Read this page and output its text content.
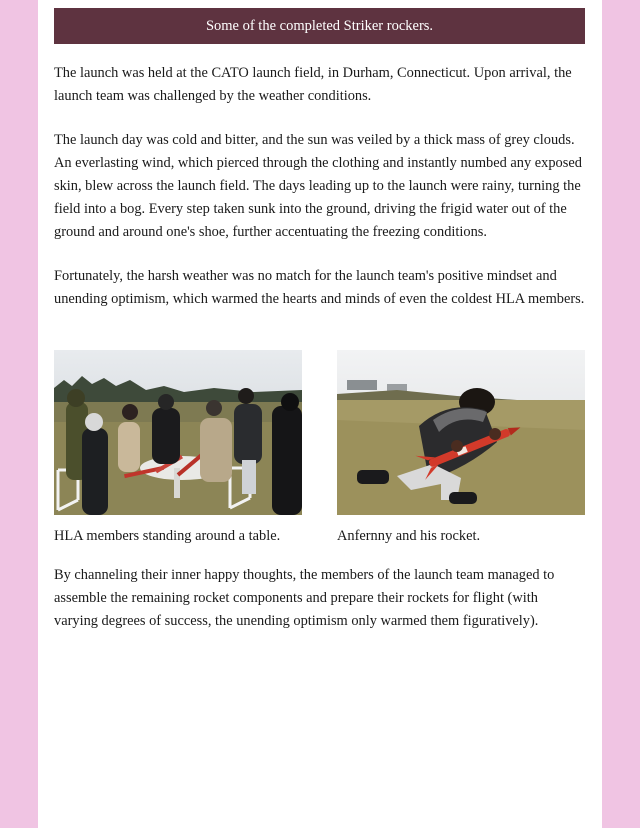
Some of the completed Striker rockers.

The launch was held at the CATO launch field, in Durham, Connecticut. Upon arrival, the launch team was challenged by the weather conditions.

The launch day was cold and bitter, and the sun was veiled by a thick mass of grey clouds. An everlasting wind, which pierced through the clothing and instantly numbed any exposed skin, blew across the launch field. The days leading up to the launch were rainy, turning the field into a bog. Every step taken sunk into the ground, driving the frigid water out of the ground and around one's shoe, further accentuating the freezing conditions.

Fortunately, the harsh weather was no match for the launch team's positive mindset and unending optimism, which warmed the hearts and minds of even the coldest HLA members.

HLA members standing around a table.	Anfernny and his rocket.

By channeling their inner happy thoughts, the members of the launch team managed to assemble the remaining rocket components and prepare their rockets for flight (with varying degrees of success, the unending optimism only warmed them figuratively).
